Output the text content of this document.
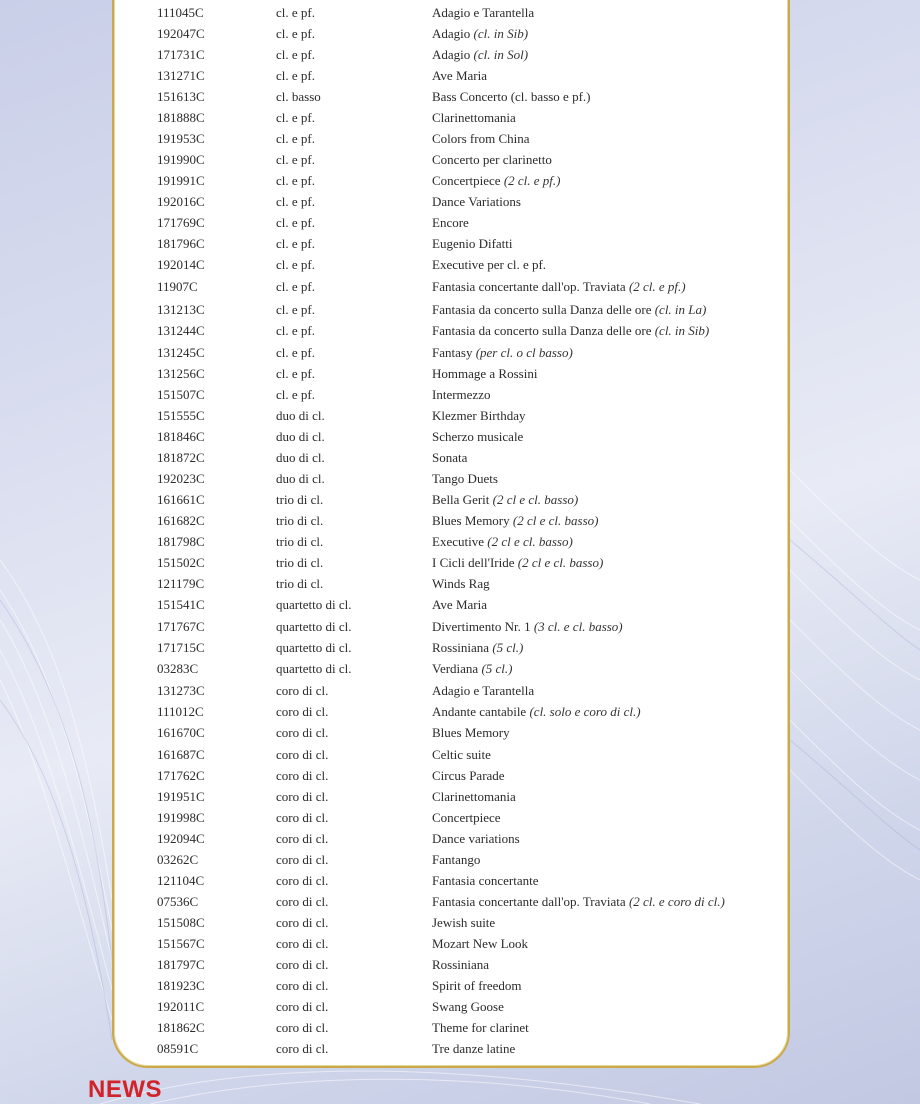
111045C	cl. e pf.	Adagio e Tarantella
192047C	cl. e pf.	Adagio (cl. in Sib)
171731C	cl. e pf.	Adagio (cl. in Sol)
131271C	cl. e pf.	Ave Maria
151613C	cl. basso	Bass Concerto (cl. basso e pf.)
181888C	cl. e pf.	Clarinettomania
191953C	cl. e pf.	Colors from China
191990C	cl. e pf.	Concerto per clarinetto
191991C	cl. e pf.	Concertpiece (2 cl. e pf.)
192016C	cl. e pf.	Dance Variations
171769C	cl. e pf.	Encore
181796C	cl. e pf.	Eugenio Difatti
192014C	cl. e pf.	Executive per cl. e pf.
11907C	cl. e pf.	Fantasia concertante dall'op. Traviata (2 cl. e pf.)
131213C	cl. e pf.	Fantasia da concerto sulla Danza delle ore (cl. in La)
131244C	cl. e pf.	Fantasia da concerto sulla Danza delle ore (cl. in Sib)
131245C	cl. e pf.	Fantasy (per cl. o cl basso)
131256C	cl. e pf.	Hommage a Rossini
151507C	cl. e pf.	Intermezzo
151555C	duo di cl.	Klezmer Birthday
181846C	duo di cl.	Scherzo musicale
181872C	duo di cl.	Sonata
192023C	duo di cl.	Tango Duets
161661C	trio di cl.	Bella Gerit (2 cl e cl. basso)
161682C	trio di cl.	Blues Memory (2 cl e cl. basso)
181798C	trio di cl.	Executive (2 cl e cl. basso)
151502C	trio di cl.	I Cicli dell'Iride (2 cl e cl. basso)
121179C	trio di cl.	Winds Rag
151541C	quartetto di cl.	Ave Maria
171767C	quartetto di cl.	Divertimento Nr. 1 (3 cl. e cl. basso)
171715C	quartetto di cl.	Rossiniana (5 cl.)
03283C	quartetto di cl.	Verdiana (5 cl.)
131273C	coro di cl.	Adagio e Tarantella
111012C	coro di cl.	Andante cantabile (cl. solo e coro di cl.)
161670C	coro di cl.	Blues Memory
161687C	coro di cl.	Celtic suite
171762C	coro di cl.	Circus Parade
191951C	coro di cl.	Clarinettomania
191998C	coro di cl.	Concertpiece
192094C	coro di cl.	Dance variations
03262C	coro di cl.	Fantango
121104C	coro di cl.	Fantasia concertante
07536C	coro di cl.	Fantasia concertante dall'op. Traviata (2 cl. e coro di cl.)
151508C	coro di cl.	Jewish suite
151567C	coro di cl.	Mozart New Look
181797C	coro di cl.	Rossiniana
181923C	coro di cl.	Spirit of freedom
192011C	coro di cl.	Swang Goose
181862C	coro di cl.	Theme for clarinet
08591C	coro di cl.	Tre danze latine
NEWS
